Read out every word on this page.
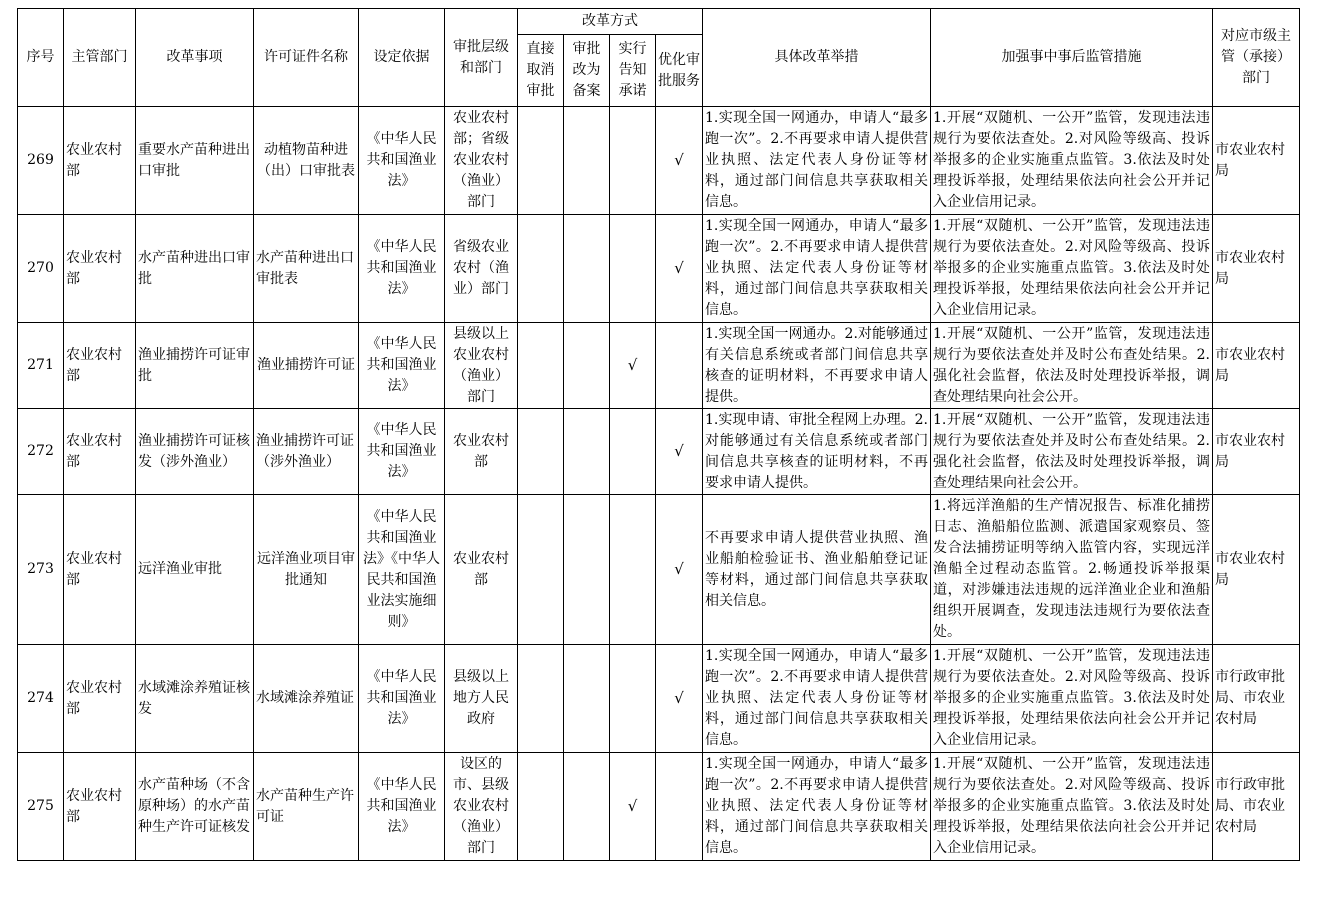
序号	主管部门	改革事项	许可证件名称	设定依据	审批层级和部门	改革方式				具体改革举措	加强事中事后监管措施	对应市级主管（承接）部门
						直接取消审批	审批改为备案	实行告知承诺	优化审批服务			
269	农业农村部	重要水产苗种进出口审批	动植物苗种进（出）口审批表	《中华人民共和国渔业法》	农业农村部；省级农业农村（渔业）部门				√	1.实现全国一网通办，申请人“最多跑一次”。2.不再要求申请人提供营业执照、法定代表人身份证等材料，通过部门间信息共享获取相关信息。	1.开展“双随机、一公开”监管，发现违法违规行为要依法查处。2.对风险等级高、投诉举报多的企业实施重点监管。3.依法及时处理投诉举报，处理结果依法向社会公开并记入企业信用记录。	市农业农村局
270	农业农村部	水产苗种进出口审批	水产苗种进出口审批表	《中华人民共和国渔业法》	省级农业农村（渔业）部门				√	1.实现全国一网通办，申请人“最多跑一次”。2.不再要求申请人提供营业执照、法定代表人身份证等材料，通过部门间信息共享获取相关信息。	1.开展“双随机、一公开”监管，发现违法违规行为要依法查处。2.对风险等级高、投诉举报多的企业实施重点监管。3.依法及时处理投诉举报，处理结果依法向社会公开并记入企业信用记录。	市农业农村局
271	农业农村部	渔业捕捞许可证审批	渔业捕捞许可证	《中华人民共和国渔业法》	县级以上农业农村（渔业）部门			√		1.实现全国一网通办。2.对能够通过有关信息系统或者部门间信息共享核查的证明材料，不再要求申请人提供。	1.开展“双随机、一公开”监管，发现违法违规行为要依法查处并及时公布查处结果。2.强化社会监督，依法及时处理投诉举报，调查处理结果向社会公开。	市农业农村局
272	农业农村部	渔业捕捞许可证核发（涉外渔业）	渔业捕捞许可证（涉外渔业）	《中华人民共和国渔业法》	农业农村部				√	1.实现申请、审批全程网上办理。2.对能够通过有关信息系统或者部门间信息共享核查的证明材料，不再要求申请人提供。	1.开展“双随机、一公开”监管，发现违法违规行为要依法查处并及时公布查处结果。2.强化社会监督，依法及时处理投诉举报，调查处理结果向社会公开。	市农业农村局
273	农业农村部	远洋渔业审批	远洋渔业项目审批通知	《中华人民共和国渔业法》《中华人民共和国渔业法实施细则》	农业农村部				√	不再要求申请人提供营业执照、渔业船舶检验证书、渔业船舶登记证等材料，通过部门间信息共享获取相关信息。	1.将远洋渔船的生产情况报告、标准化捕捞日志、渔船船位监测、派遣国家观察员、签发合法捕捞证明等纳入监管内容，实现远洋渔船全过程动态监管。2.畅通投诉举报渠道，对涉嫌违法违规的远洋渔业企业和渔船组织开展调查，发现违法违规行为要依法查处。	市农业农村局
274	农业农村部	水域滩涂养殖证核发	水域滩涂养殖证	《中华人民共和国渔业法》	县级以上地方人民政府				√	1.实现全国一网通办，申请人“最多跑一次”。2.不再要求申请人提供营业执照、法定代表人身份证等材料，通过部门间信息共享获取相关信息。	1.开展“双随机、一公开”监管，发现违法违规行为要依法查处。2.对风险等级高、投诉举报多的企业实施重点监管。3.依法及时处理投诉举报，处理结果依法向社会公开并记入企业信用记录。	市行政审批局、市农业农村局
275	农业农村部	水产苗种场（不含原种场）的水产苗种生产许可证核发	水产苗种生产许可证	《中华人民共和国渔业法》	设区的市、县级农业农村（渔业）部门			√		1.实现全国一网通办，申请人“最多跑一次”。2.不再要求申请人提供营业执照、法定代表人身份证等材料，通过部门间信息共享获取相关信息。	1.开展“双随机、一公开”监管，发现违法违规行为要依法查处。2.对风险等级高、投诉举报多的企业实施重点监管。3.依法及时处理投诉举报，处理结果依法向社会公开并记入企业信用记录。	市行政审批局、市农业农村局
